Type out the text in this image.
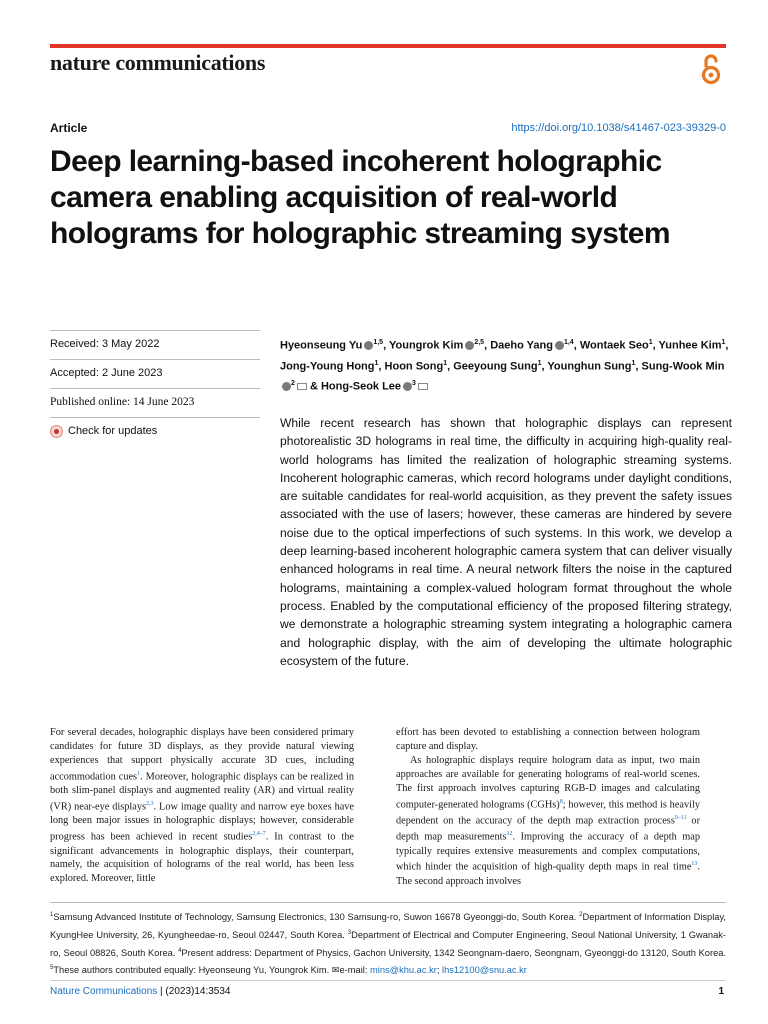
nature communications
Article	https://doi.org/10.1038/s41467-023-39329-0
Deep learning-based incoherent holographic camera enabling acquisition of real-world holograms for holographic streaming system
Received: 3 May 2022
Accepted: 2 June 2023
Published online: 14 June 2023
Check for updates
Hyeonseung Yu $^{1,5}$, Youngrok Kim $^{2,5}$, Daeho Yang $^{1,4}$, Wontaek Seo$^1$, Yunhee Kim$^1$, Jong-Young Hong$^1$, Hoon Song$^1$, Geeyoung Sung$^1$, Younghun Sung$^1$, Sung-Wook Min$^2$ & Hong-Seok Lee $^3$

While recent research has shown that holographic displays can represent photorealistic 3D holograms in real time, the difficulty in acquiring high-quality real-world holograms has limited the realization of holographic streaming systems. Incoherent holographic cameras, which record holograms under daylight conditions, are suitable candidates for real-world acquisition, as they prevent the safety issues associated with the use of lasers; however, these cameras are hindered by severe noise due to the optical imperfections of such systems. In this work, we develop a deep learning-based incoherent holographic camera system that can deliver visually enhanced holograms in real time. A neural network filters the noise in the captured holograms, maintaining a complex-valued hologram format throughout the whole process. Enabled by the computational efficiency of the proposed filtering strategy, we demonstrate a holographic streaming system integrating a holographic camera and holographic display, with the aim of developing the ultimate holographic ecosystem of the future.

For several decades, holographic displays have been considered primary candidates for future 3D displays, as they provide natural viewing experiences that support physically accurate 3D cues, including accommodation cues$^1$. Moreover, holographic displays can be realized in both slim-panel displays and augmented reality (AR) and virtual reality (VR) near-eye displays$^{2,3}$. Low image quality and narrow eye boxes have long been major issues in holographic displays; however, considerable progress has been achieved in recent studies$^{2,4-7}$. In contrast to the significant advancements in holographic displays, their counterpart, namely, the acquisition of holograms of the real world, has been less explored. Moreover, little

effort has been devoted to establishing a connection between hologram capture and display.

As holographic displays require hologram data as input, two main approaches are available for generating holograms of real-world scenes. The first approach involves capturing RGB-D images and calculating computer-generated holograms (CGHs)$^8$; however, this method is heavily dependent on the accuracy of the depth map extraction process$^{9-11}$ or depth map measurements$^{12}$. Improving the accuracy of a depth map typically requires extensive measurements and complex computations, which hinder the acquisition of high-quality depth maps in real time$^{13}$. The second approach involves

$^1$Samsung Advanced Institute of Technology, Samsung Electronics, 130 Samsung-ro, Suwon 16678 Gyeonggi-do, South Korea. $^2$Department of Information Display, KyungHee University, 26, Kyungheedae-ro, Seoul 02447, South Korea. $^3$Department of Electrical and Computer Engineering, Seoul National University, 1 Gwanak-ro, Seoul 08826, South Korea. $^4$Present address: Department of Physics, Gachon University, 1342 Seongnam-daero, Seongnam, Gyeonggi-do 13120, South Korea. $^5$These authors contributed equally: Hyeonseung Yu, Youngrok Kim. ✉e-mail: mins@khu.ac.kr; lhs12100@snu.ac.kr
Nature Communications | (2023)14:3534	1
